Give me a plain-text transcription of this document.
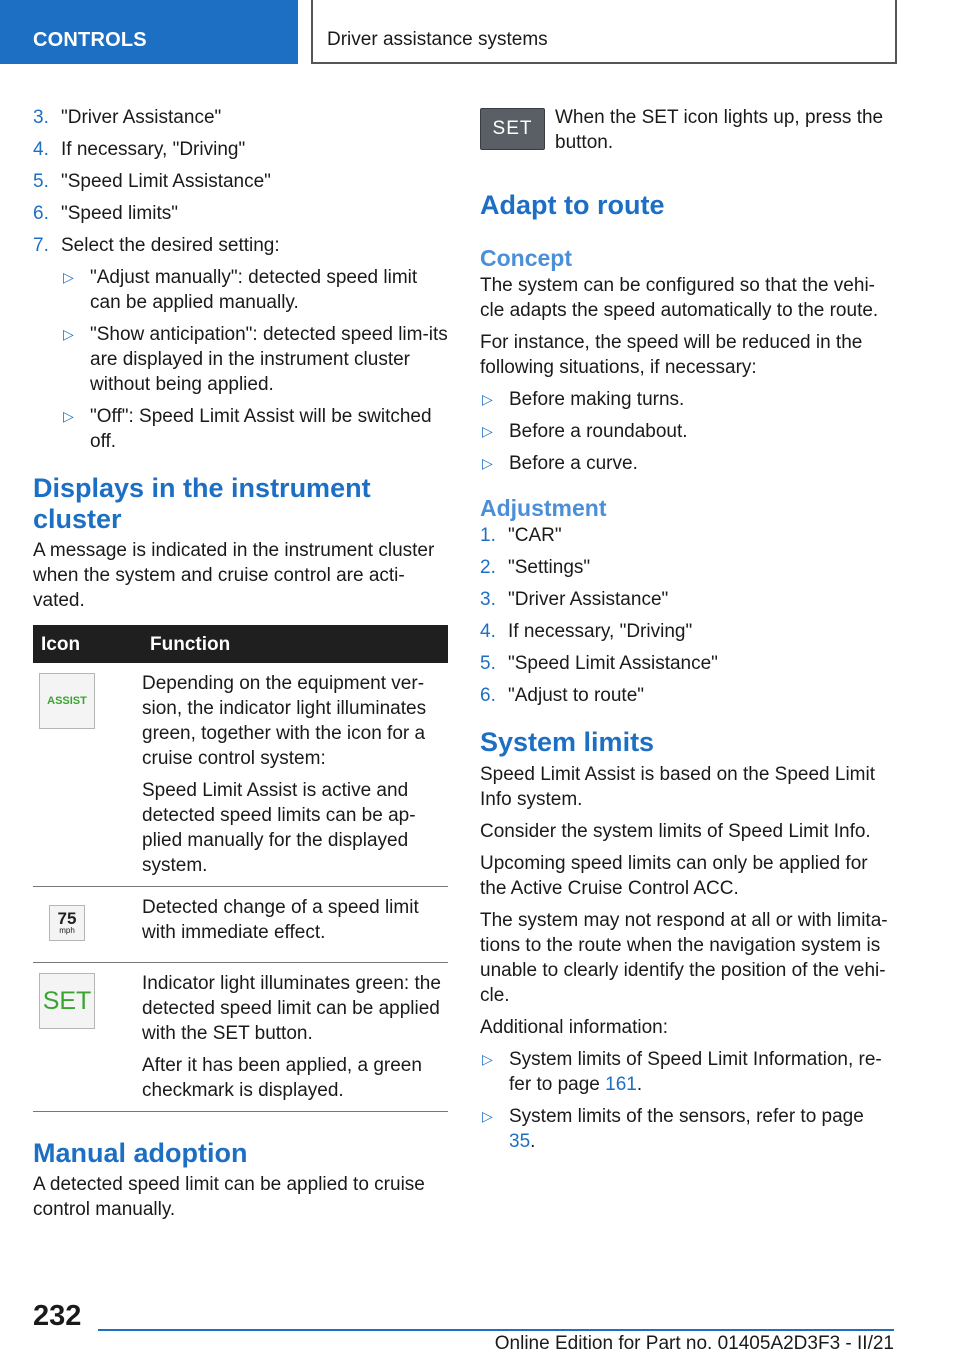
CONTROLS	Driver assistance systems
3. "Driver Assistance"
4. If necessary, "Driving"
5. "Speed Limit Assistance"
6. "Speed limits"
7. Select the desired setting:
▷ "Adjust manually": detected speed limit can be applied manually.
▷ "Show anticipation": detected speed lim‐its are displayed in the instrument cluster without being applied.
▷ "Off": Speed Limit Assist will be switched off.
Displays in the instrument cluster

A message is indicated in the instrument cluster when the system and cruise control are acti‐vated.

Icon	Function

ASSIST	Depending on the equipment ver‐sion, the indicator light illuminates green, together with the icon for a cruise control system:

Speed Limit Assist is active and detected speed limits can be ap‐plied manually for the displayed system.

75
mph	Detected change of a speed limit with immediate effect.

SET	Indicator light illuminates green: the detected speed limit can be applied with the SET button.

After it has been applied, a green checkmark is displayed.

Manual adoption

A detected speed limit can be applied to cruise control manually.

SET

When the SET icon lights up, press the button.

Adapt to route
Concept

The system can be configured so that the vehi‐cle adapts the speed automatically to the route.

For instance, the speed will be reduced in the following situations, if necessary:

▷ Before making turns.
▷ Before a roundabout.
▷ Before a curve.
Adjustment
1. "CAR"
2. "Settings"
3. "Driver Assistance"
4. If necessary, "Driving"
5. "Speed Limit Assistance"
6. "Adjust to route"
System limits

Speed Limit Assist is based on the Speed Limit Info system.

Consider the system limits of Speed Limit Info.

Upcoming speed limits can only be applied for the Active Cruise Control ACC.

The system may not respond at all or with limita‐tions to the route when the navigation system is unable to clearly identify the position of the vehi‐cle.

Additional information:

▷ System limits of Speed Limit Information, re‐fer to page 161.
▷ System limits of the sensors, refer to page 35.
232
Online Edition for Part no. 01405A2D3F3 - II/21
